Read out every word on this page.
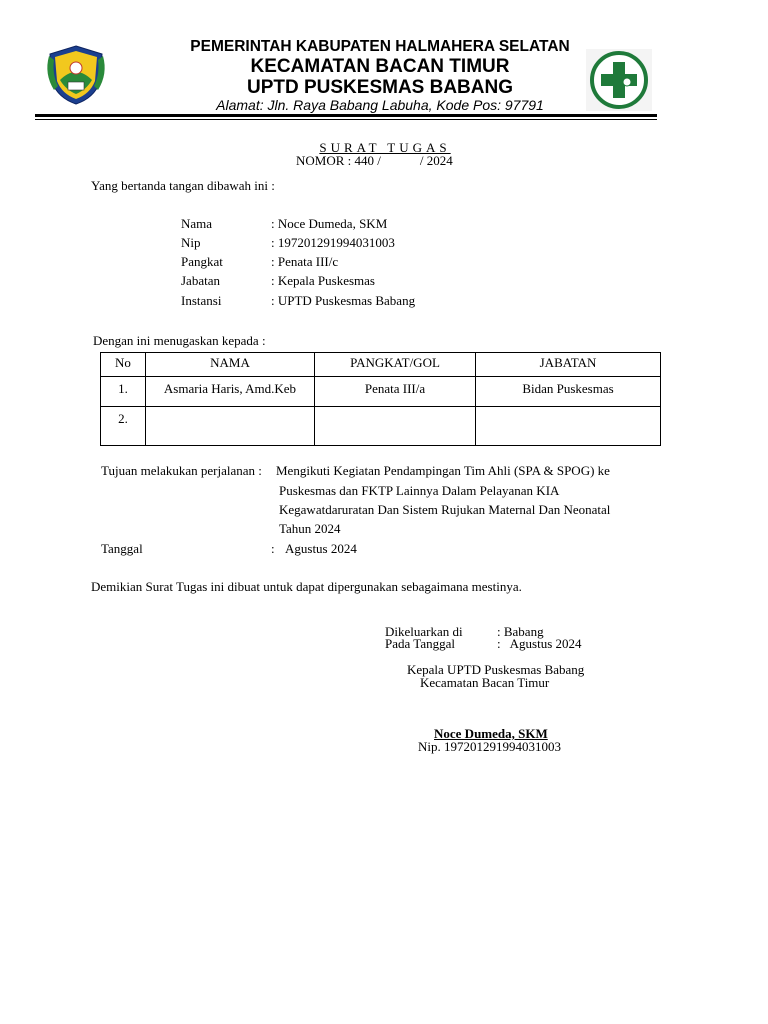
PEMERINTAH KABUPATEN HALMAHERA SELATAN
KECAMATAN BACAN TIMUR
UPTD PUSKESMAS BABANG
Alamat: Jln. Raya Babang Labuha, Kode Pos: 97791
SURAT TUGAS
NOMOR : 440 /            / 2024
Yang bertanda tangan dibawah ini :
Nama	: Noce Dumeda, SKM
Nip	: 197201291994031003
Pangkat	: Penata III/c
Jabatan	: Kepala Puskesmas
Instansi	: UPTD Puskesmas Babang
Dengan ini menugaskan kepada :
No	NAMA	PANGKAT/GOL	JABATAN
1.	Asmaria Haris, Amd.Keb	Penata III/a	Bidan Puskesmas
2.			
Tujuan melakukan perjalanan : Mengikuti Kegiatan Pendampingan Tim Ahli (SPA & SPOG) ke
Puskesmas dan FKTP Lainnya Dalam Pelayanan KIA
Kegawatdaruratan Dan Sistem Rujukan Maternal Dan Neonatal
Tahun 2024
Tanggal	: Agustus 2024
Demikian Surat Tugas ini dibuat untuk dapat dipergunakan sebagaimana mestinya.
Dikeluarkan di	: Babang
Pada Tanggal	:   Agustus 2024
Kepala UPTD Puskesmas Babang
Kecamatan Bacan Timur
Noce Dumeda, SKM
Nip. 197201291994031003
